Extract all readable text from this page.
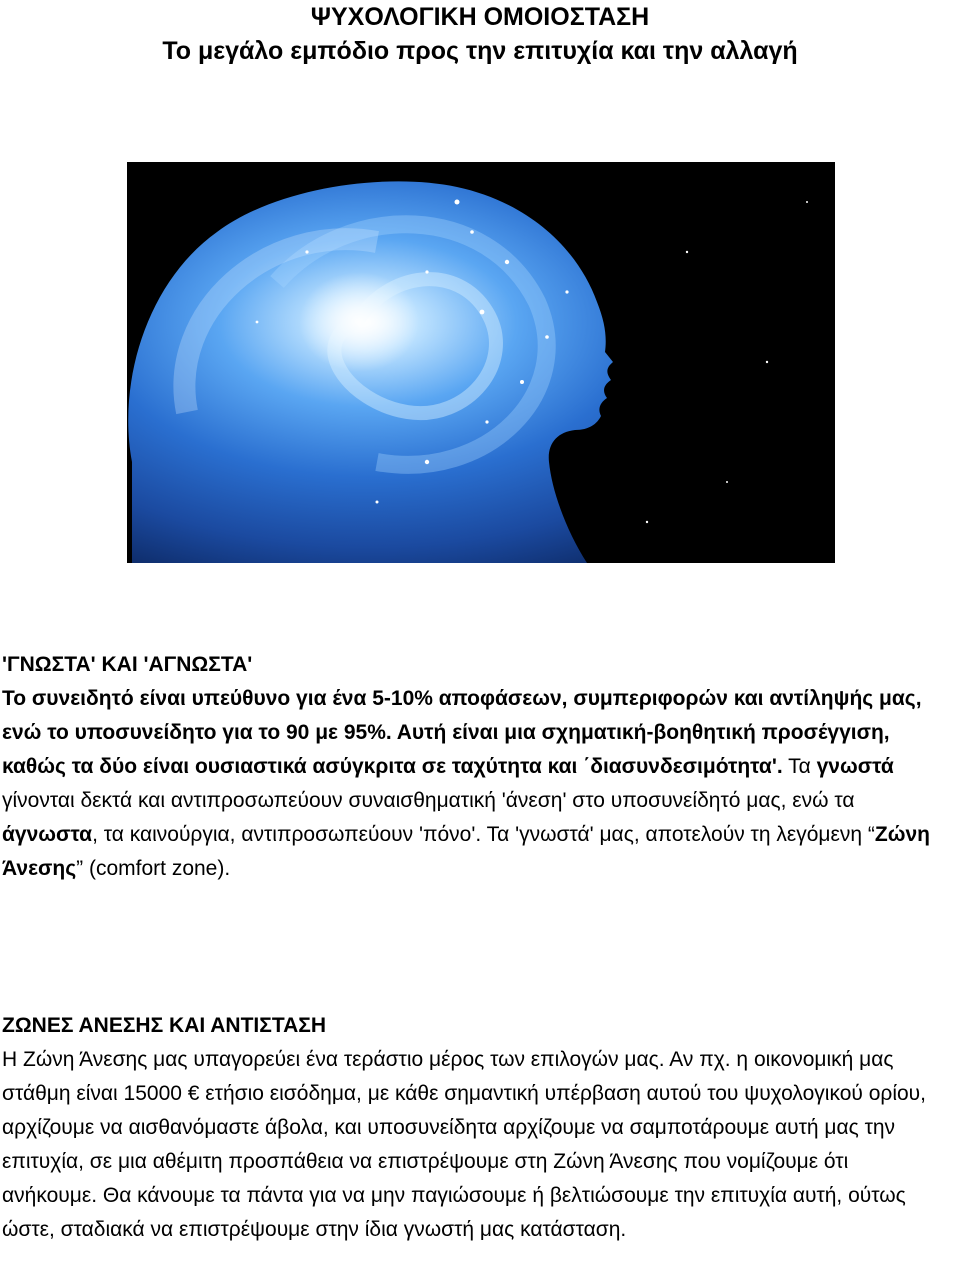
ΨΥΧΟΛΟΓΙΚΗ ΟΜΟΙΟΣΤΑΣΗ
Το μεγάλο εμπόδιο προς την επιτυχία και την αλλαγή
'ΓΝΩΣΤΑ' ΚΑΙ 'ΑΓΝΩΣΤΑ'
Το συνειδητό είναι υπεύθυνο για ένα 5-10% αποφάσεων, συμπεριφορών και αντίληψής μας, ενώ το υποσυνείδητο για το 90 με 95%. Αυτή είναι μια σχηματική-βοηθητική προσέγγιση, καθώς τα δύο είναι ουσιαστικά ασύγκριτα σε ταχύτητα και ΄διασυνδεσιμότητα'. Τα γνωστά γίνονται δεκτά και αντιπροσωπεύουν συναισθηματική 'άνεση' στο υποσυνείδητό μας, ενώ τα άγνωστα, τα καινούργια, αντιπροσωπεύουν 'πόνο'. Τα 'γνωστά' μας, αποτελούν τη λεγόμενη “Ζώνη Άνεσης” (comfort zone).
ΖΩΝΕΣ ΑΝΕΣΗΣ ΚΑΙ ΑΝΤΙΣΤΑΣΗ
Η Ζώνη Άνεσης μας υπαγορεύει ένα τεράστιο μέρος των επιλογών μας. Αν πχ. η οικονομική μας στάθμη είναι 15000 € ετήσιο εισόδημα, με κάθε σημαντική υπέρβαση αυτού του ψυχολογικού ορίου, αρχίζουμε να αισθανόμαστε άβολα, και υποσυνείδητα αρχίζουμε να σαμποτάρουμε αυτή μας την επιτυχία, σε μια αθέμιτη προσπάθεια να επιστρέψουμε στη Ζώνη Άνεσης που νομίζουμε ότι ανήκουμε. Θα κάνουμε τα πάντα για να μην παγιώσουμε ή βελτιώσουμε την επιτυχία αυτή, ούτως ώστε, σταδιακά να επιστρέψουμε στην ίδια γνωστή μας κατάσταση.
